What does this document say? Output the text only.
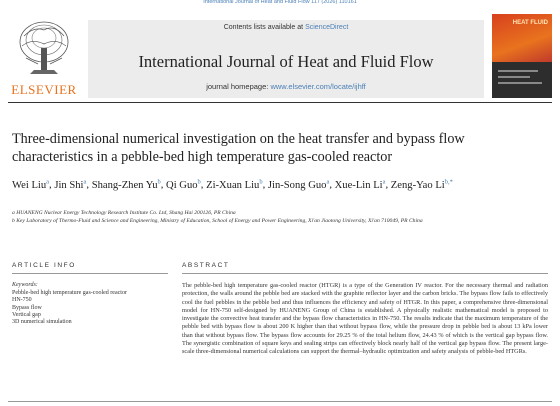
International Journal of Heat and Fluid Flow 117 (2026) 110161
ELSEVIER
Contents lists available at ScienceDirect
International Journal of Heat and Fluid Flow
journal homepage: www.elsevier.com/locate/ijhff
HEAT FLUID
Three-dimensional numerical investigation on the heat transfer and bypass flow characteristics in a pebble-bed high temperature gas-cooled reactor
Wei Liu$^a$, Jin Shi$^a$, Shang-Zhen Yu$^b$, Qi Guo$^b$, Zi-Xuan Liu$^b$, Jin-Song Guo$^a$, Xue-Lin Li$^a$, Zeng-Yao $Li^{b,*}$
a HUANENG Nuclear Energy Technology Research Institute Co. Ltd, Shang Hai 200126, PR China
b Key Laboratory of Thermo-Fluid and Science and Engineering, Ministry of Education, School of Energy and Power Engineering, Xi'an Jiaotong University, Xi'an 710049, PR China
ARTICLE INFO	ABSTRACT
Keywords:
Pebble-bed high temperature gas-cooled reactor
HN-750
Bypass flow
Vertical gap
3D numerical simulation
The pebble-bed high temperature gas-cooled reactor (HTGR) is a type of the Generation IV reactor. For the necessary thermal and radiation protection, the walls around the pebble bed are stacked with the graphite reflector layer and the carbon bricks. The bypass flow fails to effectively cool the fuel pebbles in the pebble bed and thus influences the efficiency and safety of HTGR. In this paper, a comprehensive three-dimensional model for HN-750 self-designed by HUANENG Group of China is established. A physically realistic mathematical model is proposed to investigate the convective heat transfer and the bypass flow characteristics in HN-750. The results indicate that the maximum temperature of the pebble bed with bypass flow is about 200 K higher than that without bypass flow, while the pressure drop in pebble bed is about 13 kPa lower than that without bypass flow. The bypass flow accounts for 29.25 % of the total helium flow, 24.43 % of which is the vertical gap bypass flow. The synergistic combination of square keys and sealing strips can effectively block nearly half of the vertical gap bypass flow. The present large-scale three-dimensional numerical calculations can support the thermal–hydraulic optimization and safety analysis of pebble-bed HTGRs.
